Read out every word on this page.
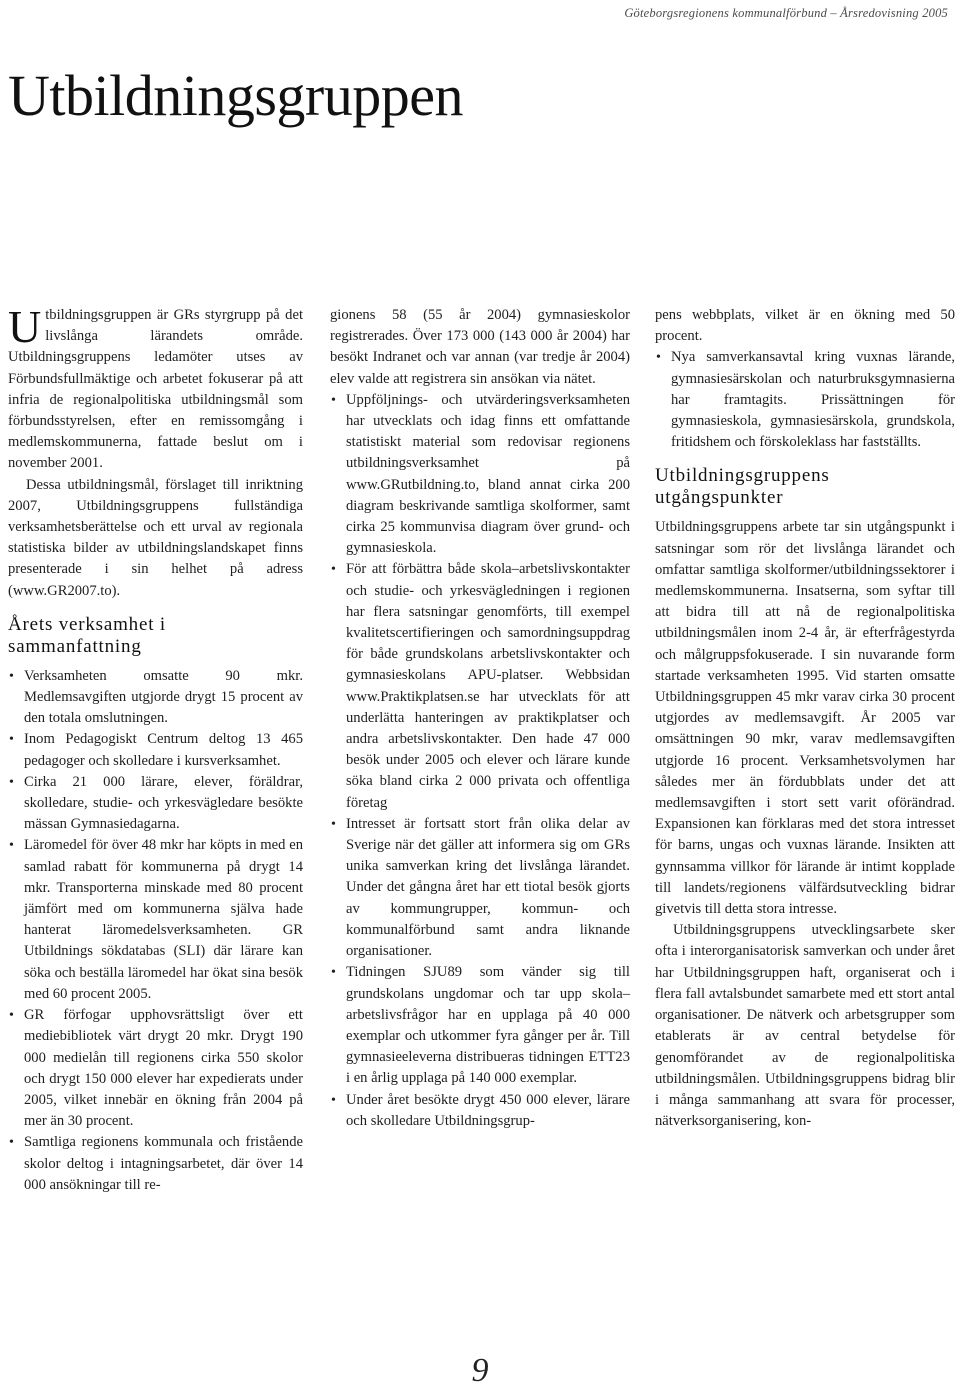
Göteborgsregionens kommunalförbund – Årsredovisning 2005
Utbildningsgruppen

Utbildningsgruppen är GRs styrgrupp på det livslånga lärandets område. Utbildningsgruppens ledamöter utses av Förbundsfullmäktige och arbetet fokuserar på att infria de regionalpolitiska utbildningsmål som förbundsstyrelsen, efter en remissomgång i medlemskommunerna, fattade beslut om i november 2001.

Dessa utbildningsmål, förslaget till inriktning 2007, Utbildningsgruppens fullständiga verksamhetsberättelse och ett urval av regionala statistiska bilder av utbildningslandskapet finns presenterade i sin helhet på adress (www.GR2007.to).

Årets verksamhet i sammanfattning
• Verksamheten omsatte 90 mkr. Medlemsavgiften utgjorde drygt 15 procent av den totala omslutningen.
• Inom Pedagogiskt Centrum deltog 13 465 pedagoger och skolledare i kursverksamhet.
• Cirka 21 000 lärare, elever, föräldrar, skolledare, studie- och yrkesvägledare besökte mässan Gymnasiedagarna.
• Läromedel för över 48 mkr har köpts in med en samlad rabatt för kommunerna på drygt 14 mkr. Transporterna minskade med 80 procent jämfört med om kommunerna själva hade hanterat läromedelsverksamheten. GR Utbildnings sökdatabas (SLI) där lärare kan söka och beställa läromedel har ökat sina besök med 60 procent 2005.
• GR förfogar upphovsrättsligt över ett mediebibliotek värt drygt 20 mkr. Drygt 190 000 medielån till regionens cirka 550 skolor och drygt 150 000 elever har expedierats under 2005, vilket innebär en ökning från 2004 på mer än 30 procent.
• Samtliga regionens kommunala och fristående skolor deltog i intagningsarbetet, där över 14 000 ansökningar till re-

gionens 58 (55 år 2004) gymnasieskolor registrerades. Över 173 000 (143 000 år 2004) har besökt Indranet och var annan (var tredje år 2004) elev valde att registrera sin ansökan via nätet.

• Uppföljnings- och utvärderingsverksamheten har utvecklats och idag finns ett omfattande statistiskt material som redovisar regionens utbildningsverksamhet på www.GRutbildning.to, bland annat cirka 200 diagram beskrivande samtliga skolformer, samt cirka 25 kommunvisa diagram över grund- och gymnasieskola.
• För att förbättra både skola–arbetslivskontakter och studie- och yrkesvägledningen i regionen har flera satsningar genomförts, till exempel kvalitetscertifieringen och samordningsuppdrag för både grundskolans arbetslivskontakter och gymnasieskolans APU-platser. Webbsidan www.Praktikplatsen.se har utvecklats för att underlätta hanteringen av praktikplatser och andra arbetslivskontakter. Den hade 47 000 besök under 2005 och elever och lärare kunde söka bland cirka 2 000 privata och offentliga företag
• Intresset är fortsatt stort från olika delar av Sverige när det gäller att informera sig om GRs unika samverkan kring det livslånga lärandet. Under det gångna året har ett tiotal besök gjorts av kommungrupper, kommun- och kommunalförbund samt andra liknande organisationer.
• Tidningen SJU89 som vänder sig till grundskolans ungdomar och tar upp skola–arbetslivsfrågor har en upplaga på 40 000 exemplar och utkommer fyra gånger per år. Till gymnasieeleverna distribueras tidningen ETT23 i en årlig upplaga på 140 000 exemplar.
• Under året besökte drygt 450 000 elever, lärare och skolledare Utbildningsgrup-

pens webbplats, vilket är en ökning med 50 procent.

• Nya samverkansavtal kring vuxnas lärande, gymnasiesärskolan och naturbruksgymnasierna har framtagits. Prissättningen för gymnasieskola, gymnasiesärskola, grundskola, fritidshem och förskoleklass har fastställts.
Utbildningsgruppens utgångspunkter

Utbildningsgruppens arbete tar sin utgångspunkt i satsningar som rör det livslånga lärandet och omfattar samtliga skolformer/utbildningssektorer i medlemskommunerna. Insatserna, som syftar till att bidra till att nå de regionalpolitiska utbildningsmålen inom 2-4 år, är efterfrågestyrda och målgruppsfokuserade. I sin nuvarande form startade verksamheten 1995. Vid starten omsatte Utbildningsgruppen 45 mkr varav cirka 30 procent utgjordes av medlemsavgift. År 2005 var omsättningen 90 mkr, varav medlemsavgiften utgjorde 16 procent. Verksamhetsvolymen har således mer än fördubblats under det att medlemsavgiften i stort sett varit oförändrad. Expansionen kan förklaras med det stora intresset för barns, ungas och vuxnas lärande. Insikten att gynnsamma villkor för lärande är intimt kopplade till landets/regionens välfärdsutveckling bidrar givetvis till detta stora intresse.

Utbildningsgruppens utvecklingsarbete sker ofta i interorganisatorisk samverkan och under året har Utbildningsgruppen haft, organiserat och i flera fall avtalsbundet samarbete med ett stort antal organisationer. De nätverk och arbetsgrupper som etablerats är av central betydelse för genomförandet av de regionalpolitiska utbildningsmålen. Utbildningsgruppens bidrag blir i många sammanhang att svara för processer, nätverksorganisering, kon-

9
